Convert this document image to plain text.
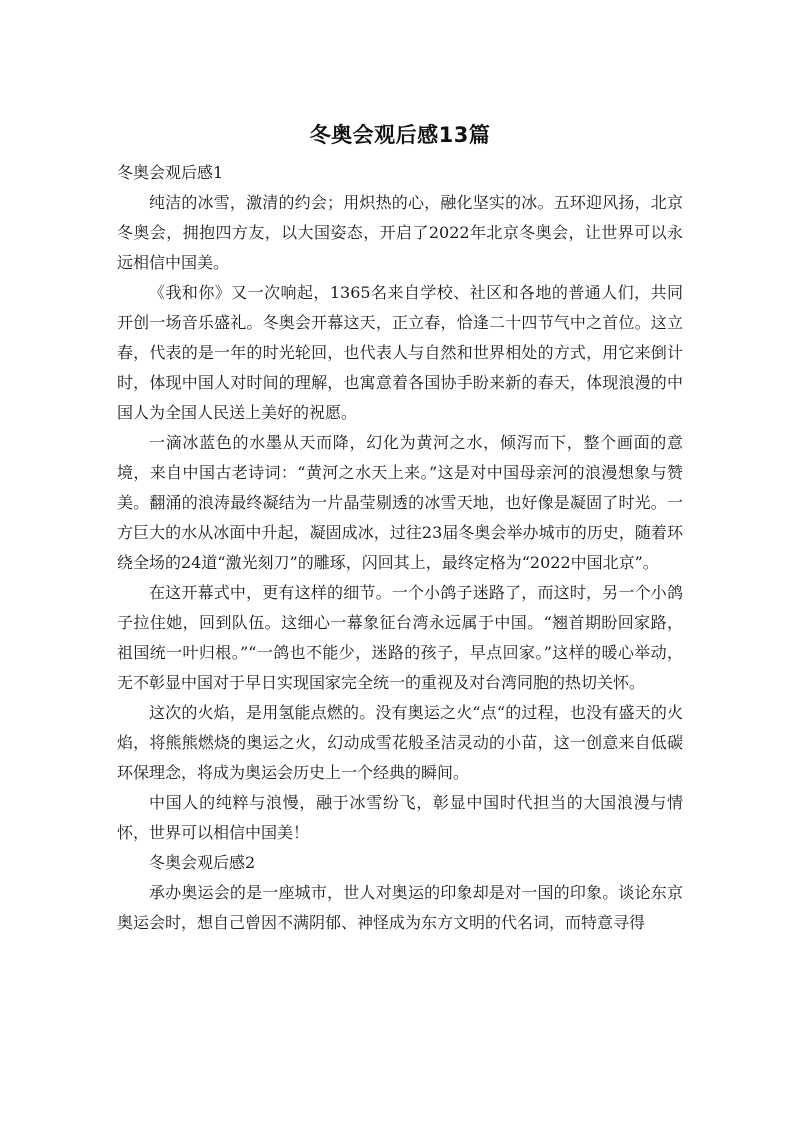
冬奥会观后感13篇

冬奥会观后感1

纯洁的冰雪，激清的约会；用炽热的心，融化坚实的冰。五环迎风扬，北京冬奥会，拥抱四方友，以大国姿态，开启了2022年北京冬奥会，让世界可以永远相信中国美。

《我和你》又一次响起，1365名来自学校、社区和各地的普通人们，共同开创一场音乐盛礼。冬奥会开幕这天，正立春，恰逢二十四节气中之首位。这立春，代表的是一年的时光轮回，也代表人与自然和世界相处的方式，用它来倒计时，体现中国人对时间的理解，也寓意着各国协手盼来新的春天，体现浪漫的中国人为全国人民送上美好的祝愿。

一滴冰蓝色的水墨从天而降，幻化为黄河之水，倾泻而下，整个画面的意境，来自中国古老诗词：“黄河之水天上来。”这是对中国母亲河的浪漫想象与赞美。翻涌的浪涛最终凝结为一片晶莹剔透的冰雪天地，也好像是凝固了时光。一方巨大的水从冰面中升起，凝固成冰，过往23届冬奥会举办城市的历史，随着环绕全场的24道“激光刻刀”的雕琢，闪回其上，最终定格为“2022中国北京”。

在这开幕式中，更有这样的细节。一个小鸽子迷路了，而这时，另一个小鸽子拉住她，回到队伍。这细心一幕象征台湾永远属于中国。“翘首期盼回家路，祖国统一叶归根。”“一鸽也不能少，迷路的孩子，早点回家。”这样的暖心举动，无不彰显中国对于早日实现国家完全统一的重视及对台湾同胞的热切关怀。

这次的火焰，是用氢能点燃的。没有奥运之火“点“的过程，也没有盛天的火焰，将熊熊燃烧的奥运之火，幻动成雪花般圣洁灵动的小苗，这一创意来自低碳环保理念，将成为奥运会历史上一个经典的瞬间。

中国人的纯粹与浪慢，融于冰雪纷飞，彰显中国时代担当的大国浪漫与情怀，世界可以相信中国美！

冬奥会观后感2

承办奥运会的是一座城市，世人对奥运的印象却是对一国的印象。谈论东京奥运会时，想自己曾因不满阴郁、神怪成为东方文明的代名词，而特意寻得
